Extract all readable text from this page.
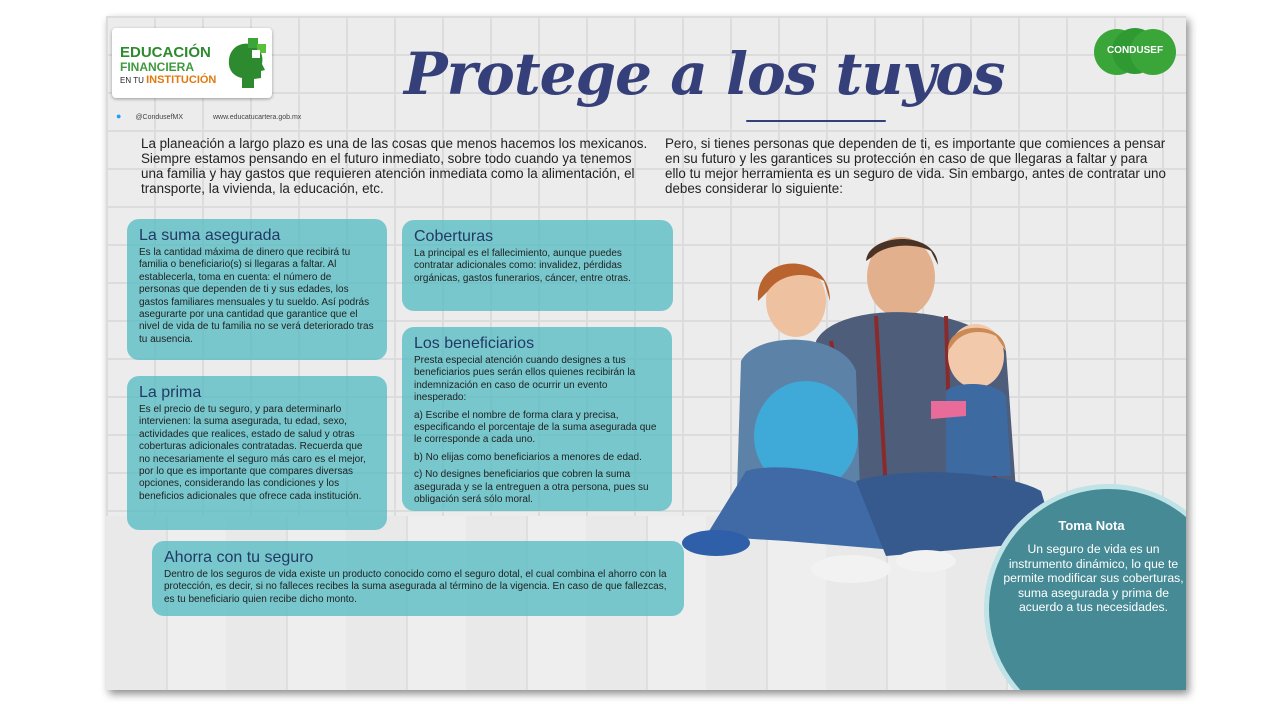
EDUCACIÓN
FINANCIERA
EN TU INSTITUCIÓN
● @CondusefMX	www.educatucartera.gob.mx
Protege a los tuyos	CONDUSEF
La planeación a largo plazo es una de las cosas que menos hacemos los mexicanos. Siempre estamos pensando en el futuro inmediato, sobre todo cuando ya tenemos una familia y hay gastos que requieren atención inmediata como la alimentación, el transporte, la vivienda, la educación, etc.
Pero, si tienes personas que dependen de ti, es importante que comiences a pensar en su futuro y les garantices su protección en caso de que llegaras a faltar y para ello tu mejor herramienta es un seguro de vida. Sin embargo, antes de contratar uno debes considerar lo siguiente:
La suma asegurada

Es la cantidad máxima de dinero que recibirá tu familia o beneficiario(s) si llegaras a faltar. Al establecerla, toma en cuenta: el número de personas que dependen de ti y sus edades, los gastos familiares mensuales y tu sueldo. Así podrás asegurarte por una cantidad que garantice que el nivel de vida de tu familia no se verá deteriorado tras tu ausencia.

Coberturas

La principal es el fallecimiento, aunque puedes contratar adicionales como: invalidez, pérdidas orgánicas, gastos funerarios, cáncer, entre otras.

La prima

Es el precio de tu seguro, y para determinarlo intervienen: la suma asegurada, tu edad, sexo, actividades que realices, estado de salud y otras coberturas adicionales contratadas. Recuerda que no necesariamente el seguro más caro es el mejor, por lo que es importante que compares diversas opciones, considerando las condiciones y los beneficios adicionales que ofrece cada institución.

Los beneficiarios

Presta especial atención cuando designes a tus beneficiarios pues serán ellos quienes recibirán la indemnización en caso de ocurrir un evento inesperado:

a) Escribe el nombre de forma clara y precisa, especificando el porcentaje de la suma asegurada que le corresponde a cada uno.

b) No elijas como beneficiarios a menores de edad.

c) No designes beneficiarios que cobren la suma asegurada y se la entreguen a otra persona, pues su obligación será sólo moral.

Ahorra con tu seguro

Dentro de los seguros de vida existe un producto conocido como el seguro dotal, el cual combina el ahorro con la protección, es decir, si no falleces recibes la suma asegurada al término de la vigencia. En caso de que fallezcas, es tu beneficiario quien recibe dicho monto.

Toma Nota
Un seguro de vida es un instrumento dinámico, lo que te permite modificar sus coberturas, suma asegurada y prima de acuerdo a tus necesidades.
